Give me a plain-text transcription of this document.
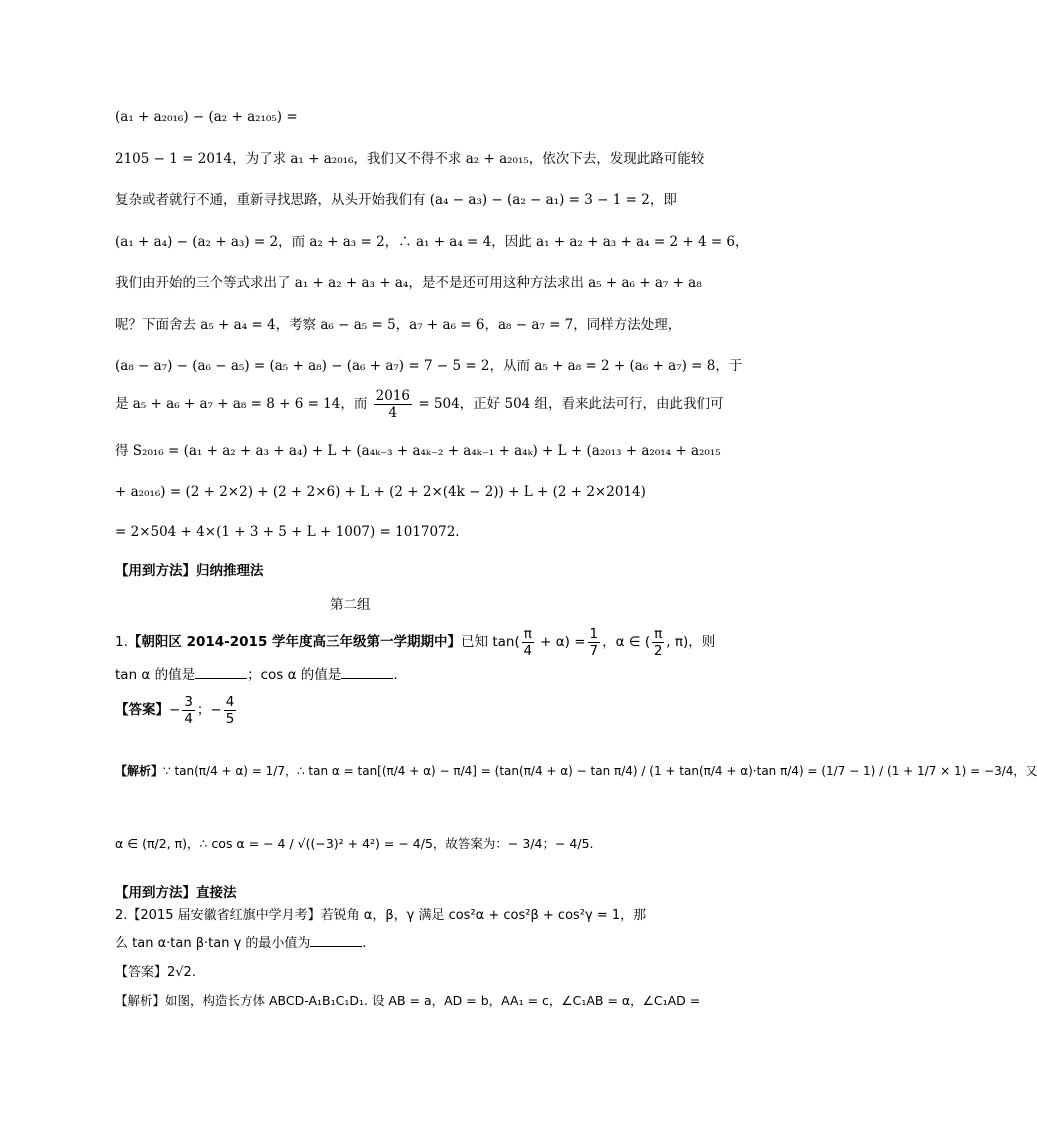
(a₁ + a₂₀₁₆) − (a₂ + a₂₁₀₅) =
2105 − 1 = 2014，为了求 a₁ + a₂₀₁₆，我们又不得不求 a₂ + a₂₀₁₅，依次下去，发现此路可能较
复杂或者就行不通，重新寻找思路，从头开始我们有 (a₄ − a₃) − (a₂ − a₁) = 3 − 1 = 2，即
(a₁ + a₄) − (a₂ + a₃) = 2，而 a₂ + a₃ = 2，∴ a₁ + a₄ = 4，因此 a₁ + a₂ + a₃ + a₄ = 2 + 4 = 6，
我们由开始的三个等式求出了 a₁ + a₂ + a₃ + a₄，是不是还可用这种方法求出 a₅ + a₆ + a₇ + a₈
呢？下面舍去 a₅ + a₄ = 4，考察 a₆ − a₅ = 5，a₇ + a₆ = 6，a₈ − a₇ = 7，同样方法处理，
(a₈ − a₇) − (a₆ − a₅) = (a₅ + a₈) − (a₆ + a₇) = 7 − 5 = 2，从而 a₅ + a₈ = 2 + (a₆ + a₇) = 8，于
是 a₅ + a₆ + a₇ + a₈ = 8 + 6 = 14，而 $\frac{2016}{4} = 504$，正好 504 组，看来此法可行，由此我们可
得 S₂₀₁₆ = (a₁ + a₂ + a₃ + a₄) + L + (a₄ₖ₋₃ + a₄ₖ₋₂ + a₄ₖ₋₁ + a₄ₖ) + L + (a₂₀₁₃ + a₂₀₁₄ + a₂₀₁₅
+ a₂₀₁₆) = (2 + 2×2) + (2 + 2×6) + L + (2 + 2×(4k − 2)) + L + (2 + 2×2014)
= 2×504 + 4×(1 + 3 + 5 + L + 1007) = 1017072.
【用到方法】归纳推理法
第二组
1.【朝阳区 2014-2015 学年度高三年级第一学期期中】已知 $\tan( \frac{\pi}{4} + \alpha) = \frac{1}{7}$ ，α ∈ ( $\frac{\pi}{2}$ , π)，则
tan α 的值是	；cos α 的值是	.
【答案】− $\frac{3}{4}$ ；− $\frac{4}{5}$
【解析】∵ tan(π/4 + α) = 1/7，∴ tan α = tan[(π/4 + α) − π/4] = (tan(π/4 + α) − tan π/4) / (1 + tan(π/4 + α)·tan π/4) = (1/7 − 1) / (1 + 1/7 × 1) = −3/4，又
α ∈ (π/2, π)，∴ cos α = − 4 / √((−3)² + 4²) = − 4/5，故答案为：− 3/4；− 4/5.
【用到方法】直接法
2.【2015 届安徽省红旗中学月考】若锐角 α，β，γ 满足 cos²α + cos²β + cos²γ = 1，那
么 tan α·tan β·tan γ 的最小值为	.
【答案】2√2.
【解析】如图，构造长方体 ABCD-A₁B₁C₁D₁. 设 AB = a，AD = b，AA₁ = c，∠C₁AB = α，∠C₁AD =
